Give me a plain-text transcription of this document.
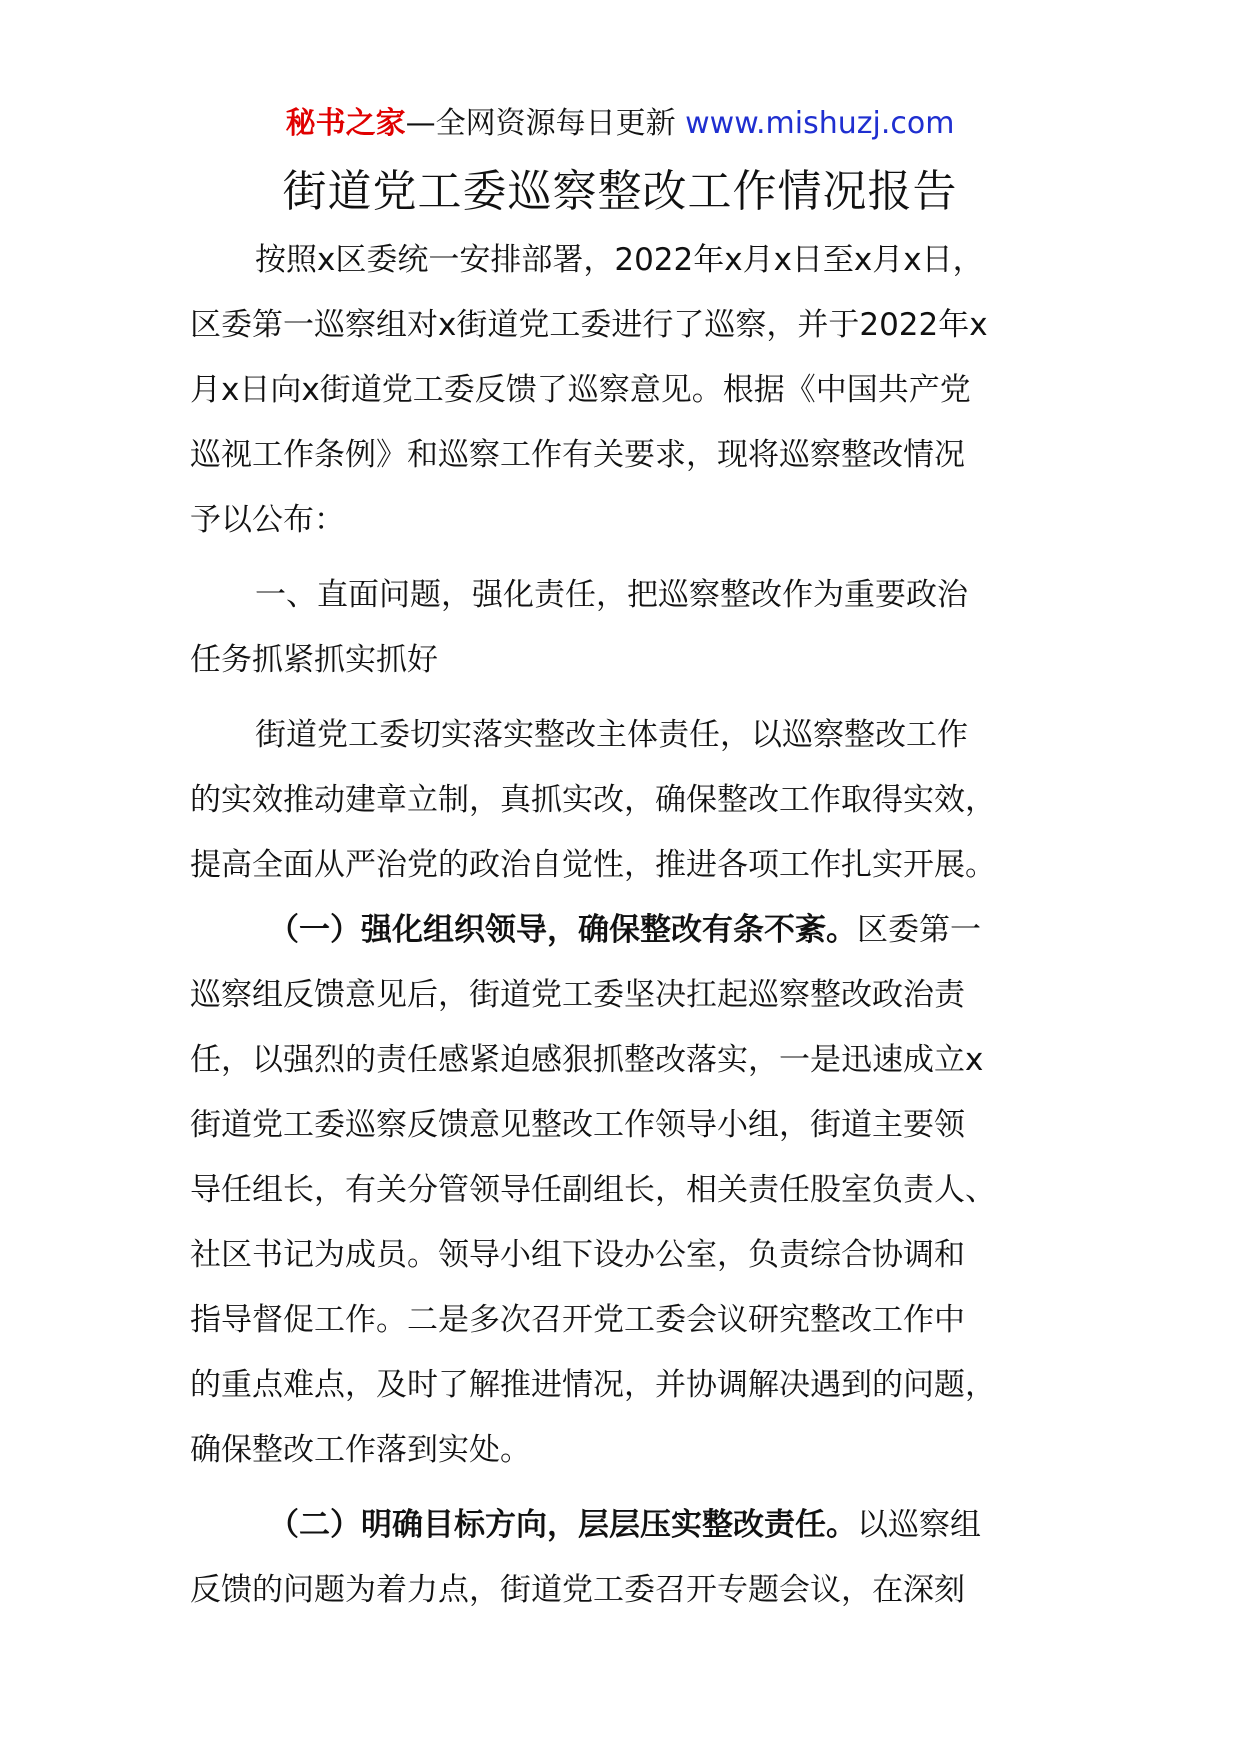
秘书之家—全网资源每日更新 www.mishuzj.com
街道党工委巡察整改工作情况报告
按照x区委统一安排部署，2022年x月x日至x月x日，
区委第一巡察组对x街道党工委进行了巡察，并于2022年x
月x日向x街道党工委反馈了巡察意见。根据《中国共产党
巡视工作条例》和巡察工作有关要求，现将巡察整改情况
予以公布：
一、直面问题，强化责任，把巡察整改作为重要政治
任务抓紧抓实抓好
街道党工委切实落实整改主体责任，以巡察整改工作
的实效推动建章立制，真抓实改，确保整改工作取得实效，
提高全面从严治党的政治自觉性，推进各项工作扎实开展。
（一）强化组织领导，确保整改有条不紊。区委第一
巡察组反馈意见后，街道党工委坚决扛起巡察整改政治责
任，以强烈的责任感紧迫感狠抓整改落实，一是迅速成立x
街道党工委巡察反馈意见整改工作领导小组，街道主要领
导任组长，有关分管领导任副组长，相关责任股室负责人、
社区书记为成员。领导小组下设办公室，负责综合协调和
指导督促工作。二是多次召开党工委会议研究整改工作中
的重点难点，及时了解推进情况，并协调解决遇到的问题，
确保整改工作落到实处。
（二）明确目标方向，层层压实整改责任。以巡察组
反馈的问题为着力点，街道党工委召开专题会议，在深刻
